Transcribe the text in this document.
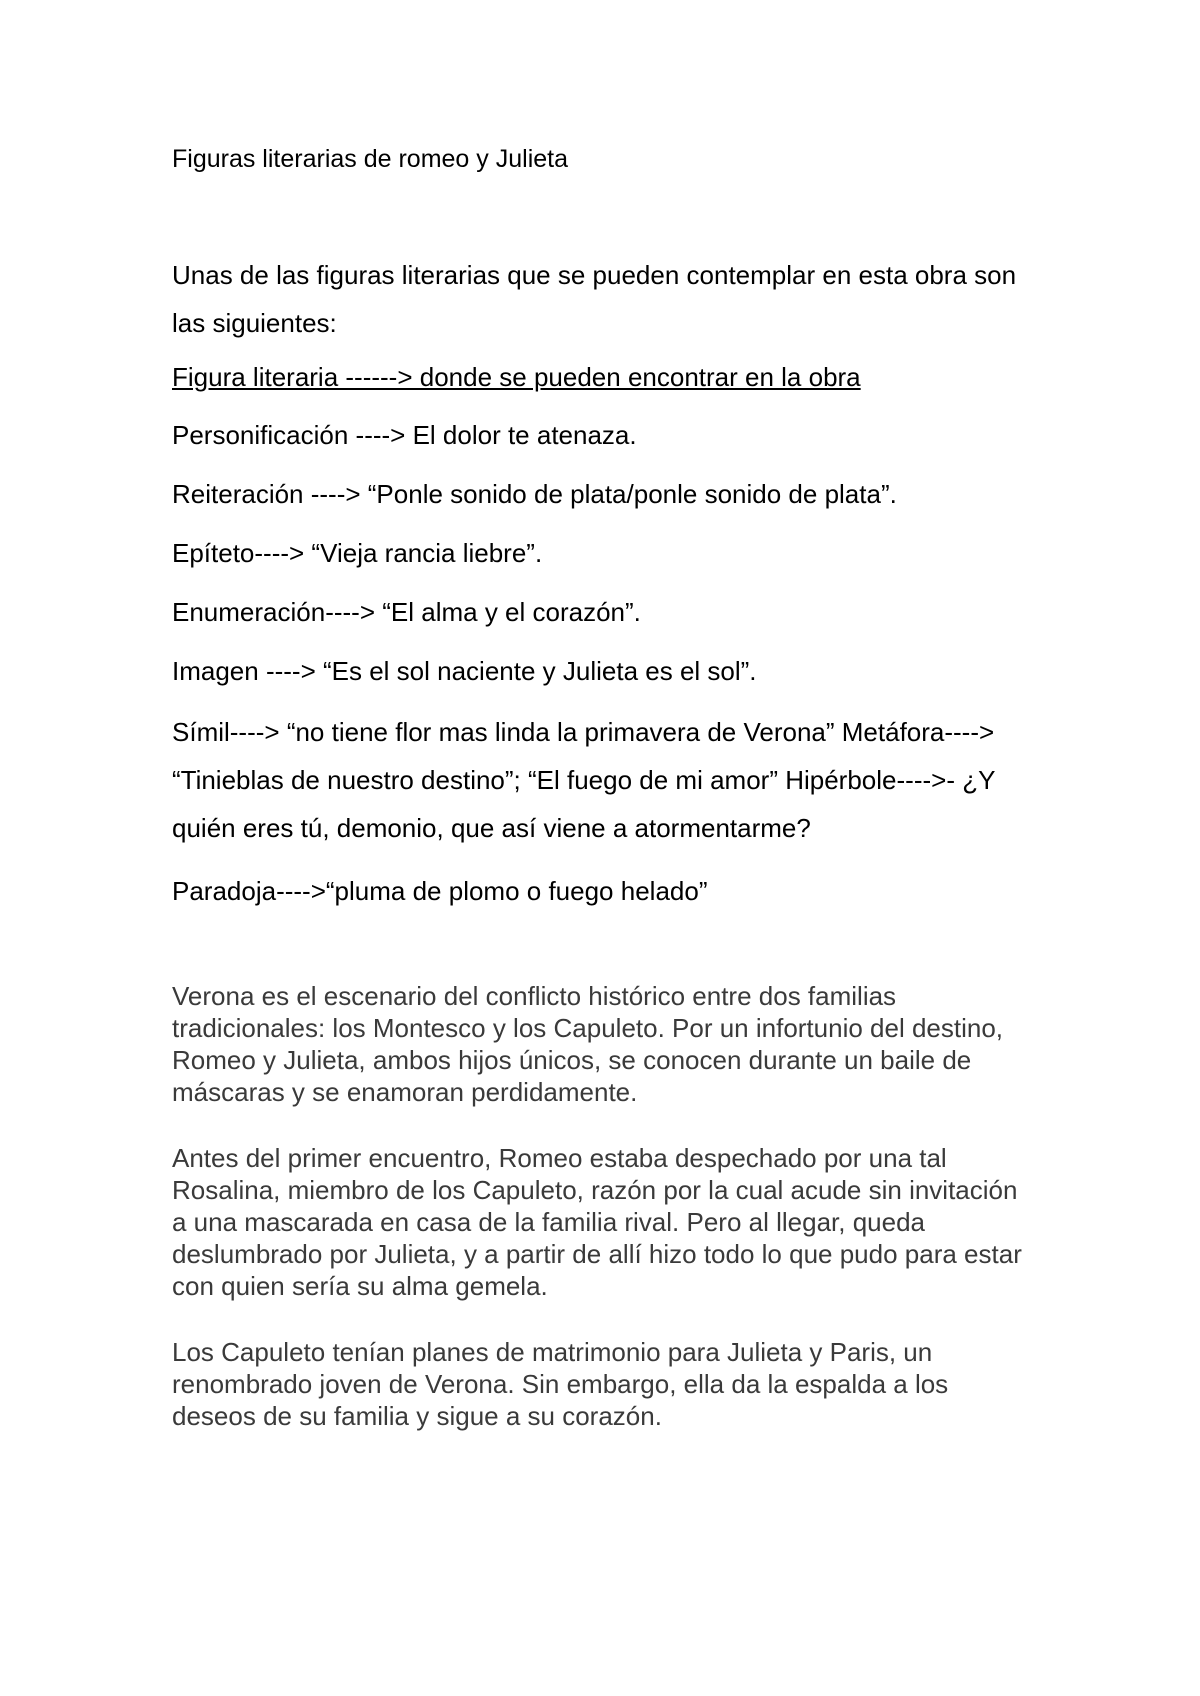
Figuras literarias de romeo y Julieta

Unas de las figuras literarias que se pueden contemplar en esta obra son las siguientes:

Figura literaria ------> donde se pueden encontrar en la obra

Personificación ----> El dolor te atenaza.

Reiteración ----> “Ponle sonido de plata/ponle sonido de plata”.

Epíteto----> “Vieja rancia liebre”.

Enumeración----> “El alma y el corazón”.

Imagen ----> “Es el sol naciente y Julieta es el sol”.

Símil----> “no tiene flor mas linda la primavera de Verona” Metáfora----> “Tinieblas de nuestro destino”; “El fuego de mi amor” Hipérbole---->- ¿Y quién eres tú, demonio, que así viene a atormentarme?

Paradoja---->“pluma de plomo o fuego helado”

Verona es el escenario del conflicto histórico entre dos familias tradicionales: los Montesco y los Capuleto. Por un infortunio del destino, Romeo y Julieta, ambos hijos únicos, se conocen durante un baile de máscaras y se enamoran perdidamente.

Antes del primer encuentro, Romeo estaba despechado por una tal Rosalina, miembro de los Capuleto, razón por la cual acude sin invitación a una mascarada en casa de la familia rival. Pero al llegar, queda deslumbrado por Julieta, y a partir de allí hizo todo lo que pudo para estar con quien sería su alma gemela.

Los Capuleto tenían planes de matrimonio para Julieta y Paris, un renombrado joven de Verona. Sin embargo, ella da la espalda a los deseos de su familia y sigue a su corazón.
